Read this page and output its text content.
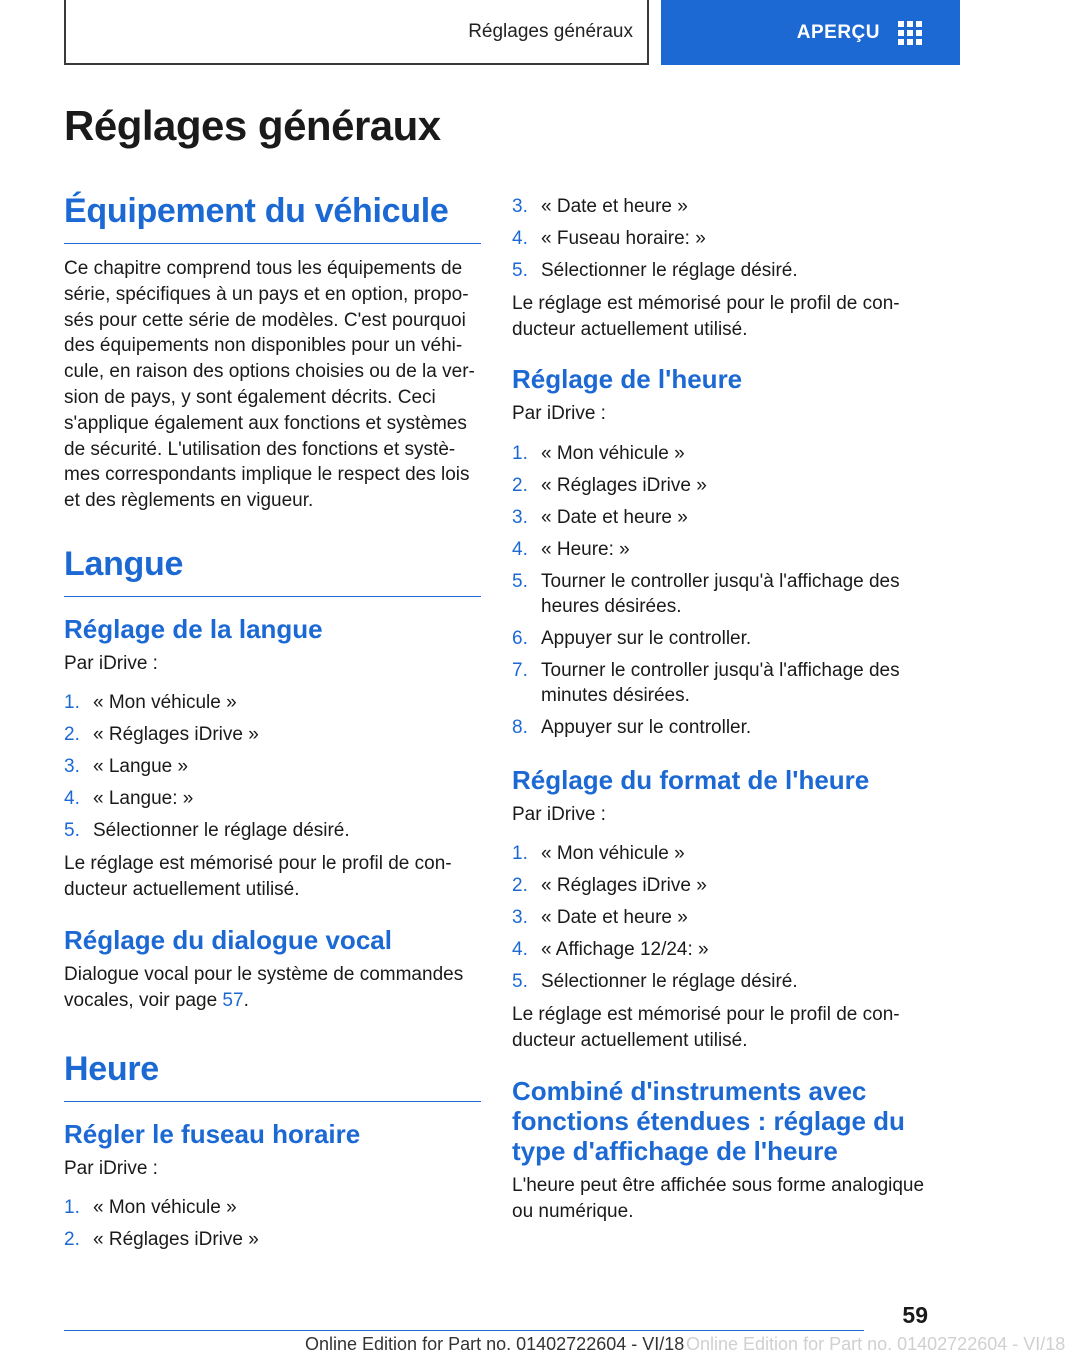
Réglages généraux	APERÇU
Réglages généraux
Équipement du véhicule

Ce chapitre comprend tous les équipements de série, spécifiques à un pays et en option, proposés pour cette série de modèles. C'est pourquoi des équipements non disponibles pour un véhicule, en raison des options choisies ou de la version de pays, y sont également décrits. Ceci s'applique également aux fonctions et systèmes de sécurité. L'utilisation des fonctions et systèmes correspondants implique le respect des lois et des règlements en vigueur.

Langue
Réglage de la langue

Par iDrive :

1. « Mon véhicule »
2. « Réglages iDrive »
3. « Langue »
4. « Langue: »
5. Sélectionner le réglage désiré.

Le réglage est mémorisé pour le profil de conducteur actuellement utilisé.

Réglage du dialogue vocal

Dialogue vocal pour le système de commandes vocales, voir page 57.

Heure
Régler le fuseau horaire

Par iDrive :

1. « Mon véhicule »
2. « Réglages iDrive »
3. « Date et heure »
4. « Fuseau horaire: »
5. Sélectionner le réglage désiré.

Le réglage est mémorisé pour le profil de conducteur actuellement utilisé.

Réglage de l'heure

Par iDrive :

1. « Mon véhicule »
2. « Réglages iDrive »
3. « Date et heure »
4. « Heure: »
5. Tourner le controller jusqu'à l'affichage des heures désirées.
6. Appuyer sur le controller.
7. Tourner le controller jusqu'à l'affichage des minutes désirées.
8. Appuyer sur le controller.
Réglage du format de l'heure

Par iDrive :

1. « Mon véhicule »
2. « Réglages iDrive »
3. « Date et heure »
4. « Affichage 12/24: »
5. Sélectionner le réglage désiré.

Le réglage est mémorisé pour le profil de conducteur actuellement utilisé.

Combiné d'instruments avec fonctions étendues : réglage du type d'affichage de l'heure

L'heure peut être affichée sous forme analogique ou numérique.

59
Online Edition for Part no. 01402722604 - VI/18 Online Edition for Part no. 01402722604 - VI/18
